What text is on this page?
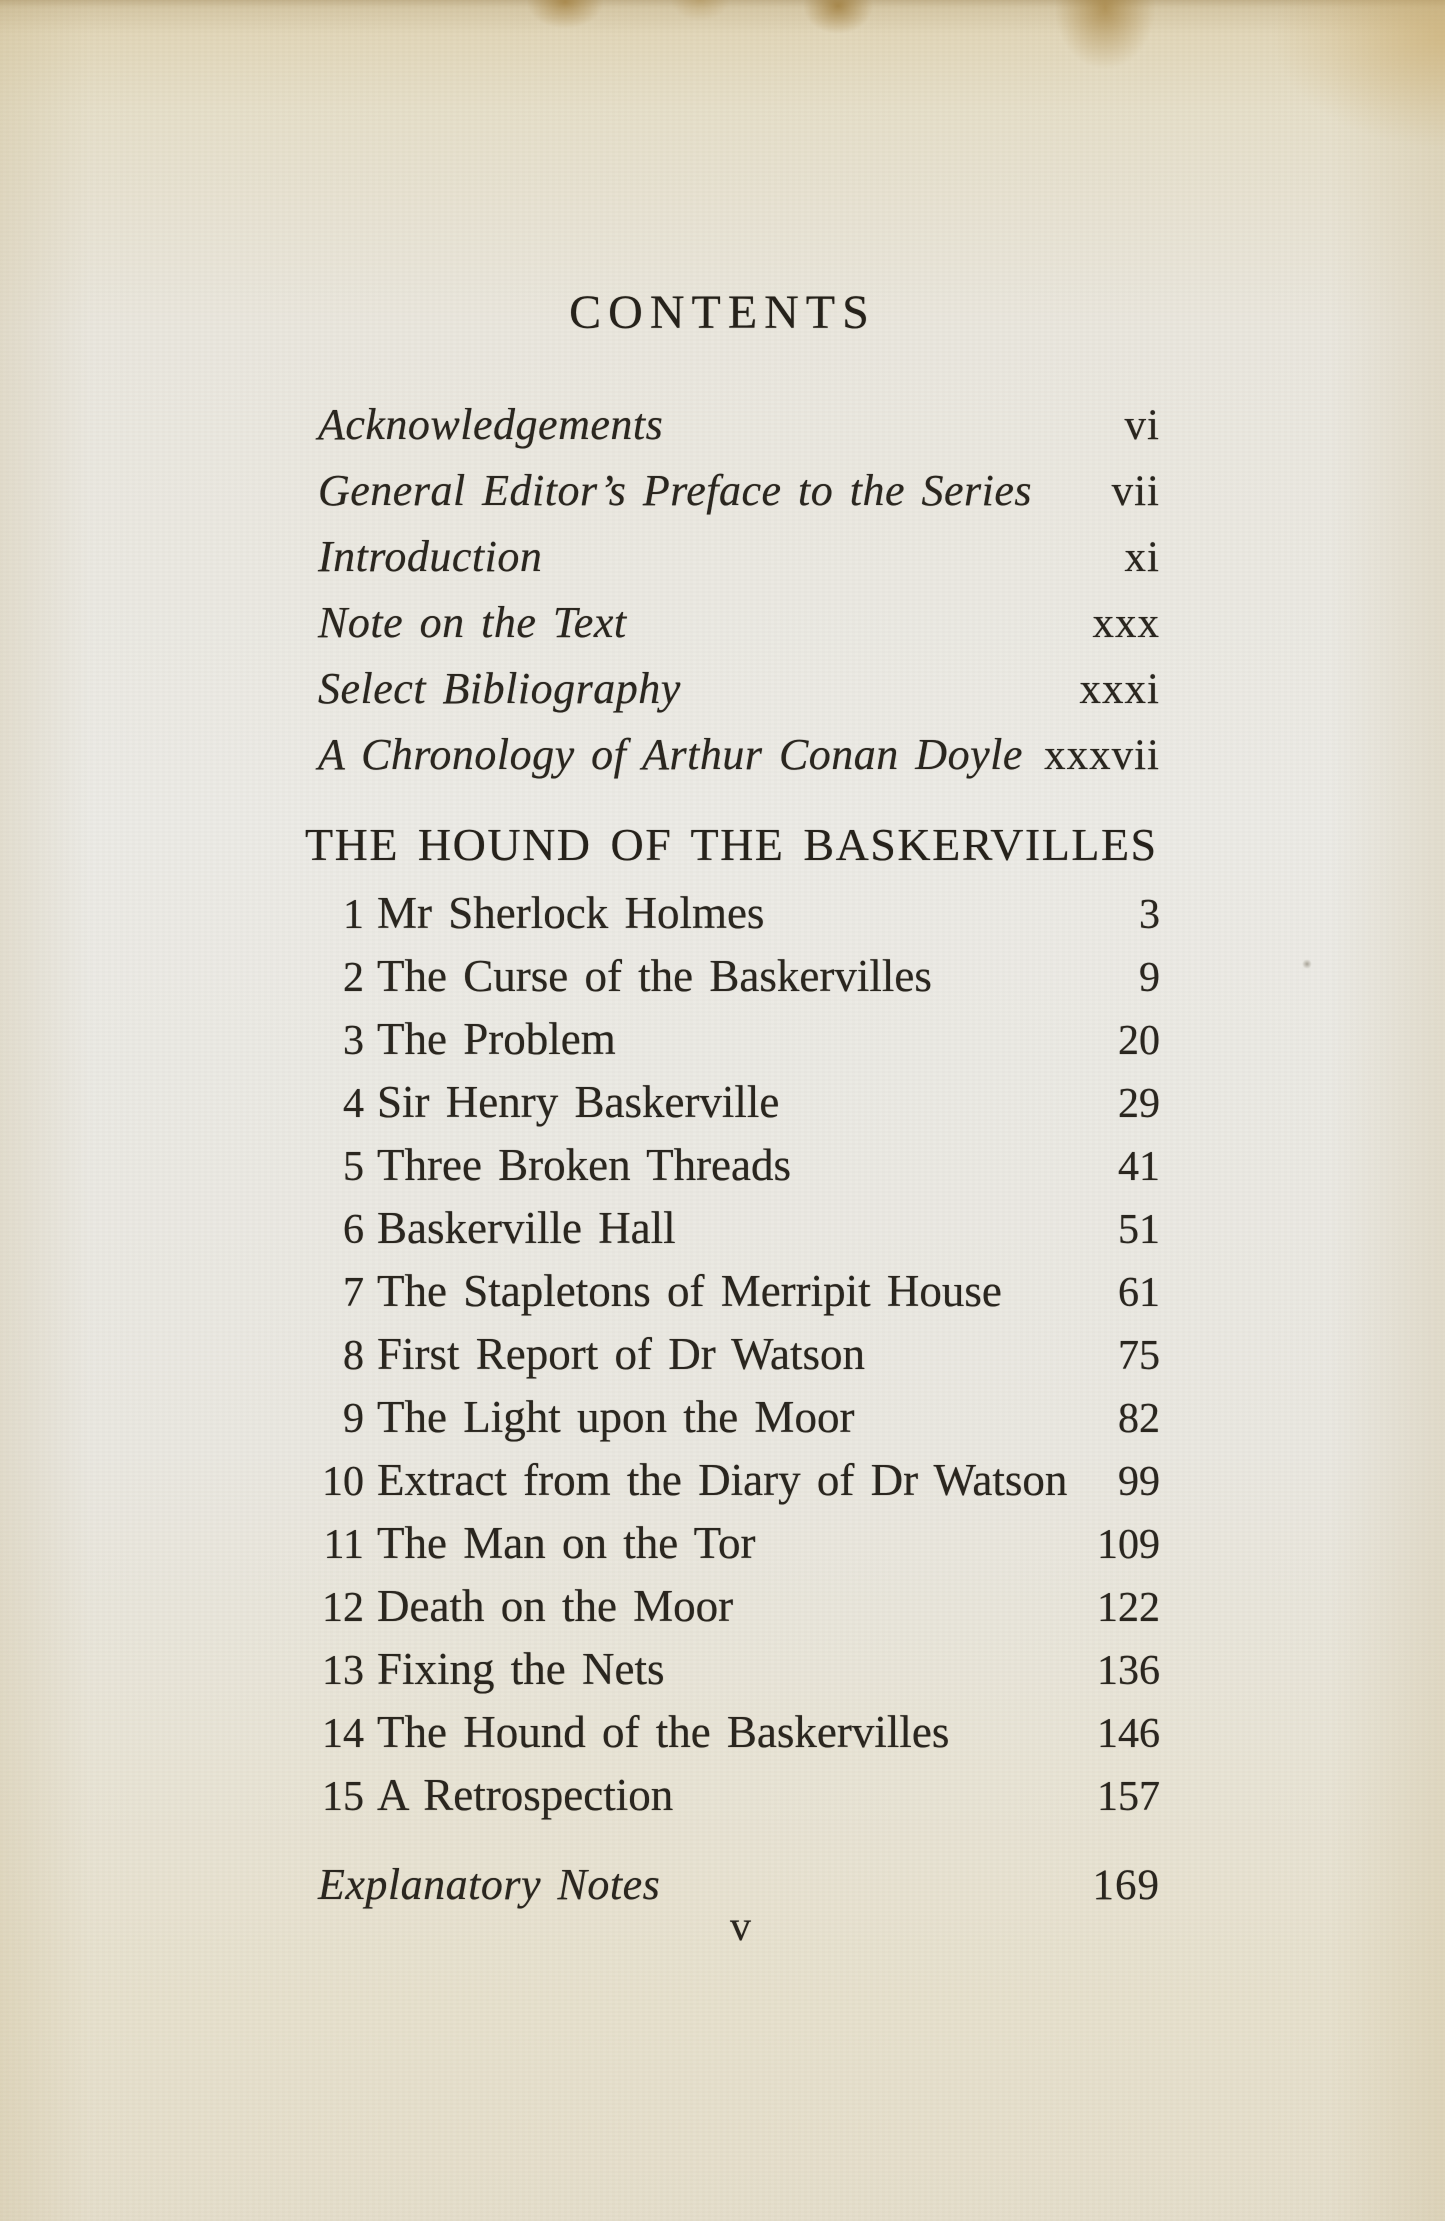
CONTENTS
Acknowledgements	vi
General Editor’s Preface to the Series vii
Introduction	xi
Note on the Text	xxx
Select Bibliography	xxxi
A Chronology of Arthur Conan Doyle xxxvii
THE HOUND OF THE BASKERVILLES
1 Mr Sherlock Holmes	3
2 The Curse of the Baskervilles	9
3 The Problem	20
4 Sir Henry Baskerville	29
5 Three Broken Threads	41
6 Baskerville Hall	51
7 The Stapletons of Merripit House	61
8 First Report of Dr Watson	75
9 The Light upon the Moor	82
10 Extract from the Diary of Dr Watson	99
11 The Man on the Tor	109
12 Death on the Moor	122
13 Fixing the Nets	136
14 The Hound of the Baskervilles	146
15 A Retrospection	157
Explanatory Notes	169
v
